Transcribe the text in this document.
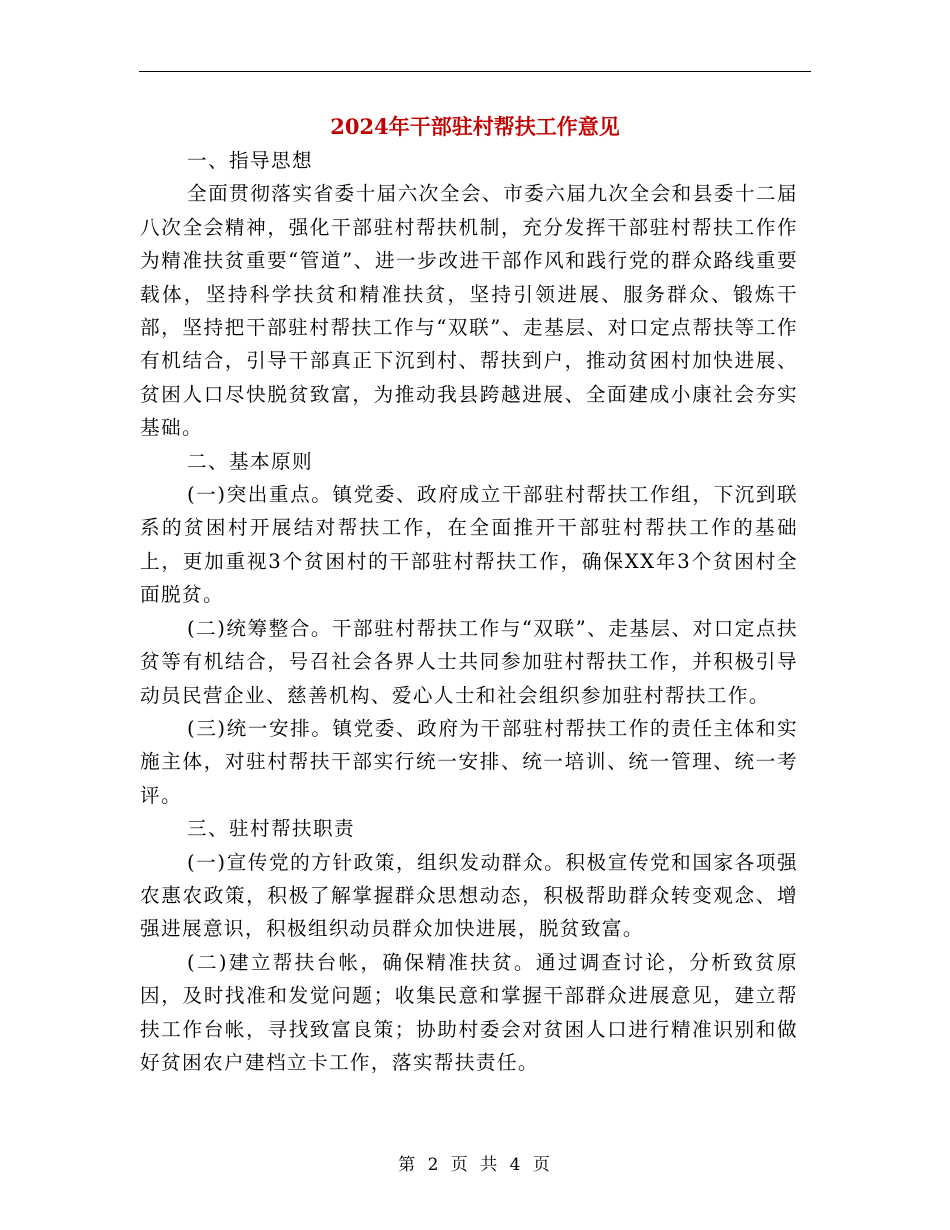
2024年干部驻村帮扶工作意见

一、指导思想

全面贯彻落实省委十届六次全会、市委六届九次全会和县委十二届八次全会精神，强化干部驻村帮扶机制，充分发挥干部驻村帮扶工作作为精准扶贫重要“管道”、进一步改进干部作风和践行党的群众路线重要载体，坚持科学扶贫和精准扶贫，坚持引领进展、服务群众、锻炼干部，坚持把干部驻村帮扶工作与“双联”、走基层、对口定点帮扶等工作有机结合，引导干部真正下沉到村、帮扶到户，推动贫困村加快进展、贫困人口尽快脱贫致富，为推动我县跨越进展、全面建成小康社会夯实基础。

二、基本原则

(一)突出重点。镇党委、政府成立干部驻村帮扶工作组，下沉到联系的贫困村开展结对帮扶工作，在全面推开干部驻村帮扶工作的基础上，更加重视3个贫困村的干部驻村帮扶工作，确保XX年3个贫困村全面脱贫。

(二)统筹整合。干部驻村帮扶工作与“双联”、走基层、对口定点扶贫等有机结合，号召社会各界人士共同参加驻村帮扶工作，并积极引导动员民营企业、慈善机构、爱心人士和社会组织参加驻村帮扶工作。

(三)统一安排。镇党委、政府为干部驻村帮扶工作的责任主体和实施主体，对驻村帮扶干部实行统一安排、统一培训、统一管理、统一考评。

三、驻村帮扶职责

(一)宣传党的方针政策，组织发动群众。积极宣传党和国家各项强农惠农政策，积极了解掌握群众思想动态，积极帮助群众转变观念、增强进展意识，积极组织动员群众加快进展，脱贫致富。

(二)建立帮扶台帐，确保精准扶贫。通过调查讨论，分析致贫原因，及时找准和发觉问题；收集民意和掌握干部群众进展意见，建立帮扶工作台帐，寻找致富良策；协助村委会对贫困人口进行精准识别和做好贫困农户建档立卡工作，落实帮扶责任。

第 2 页 共 4 页
